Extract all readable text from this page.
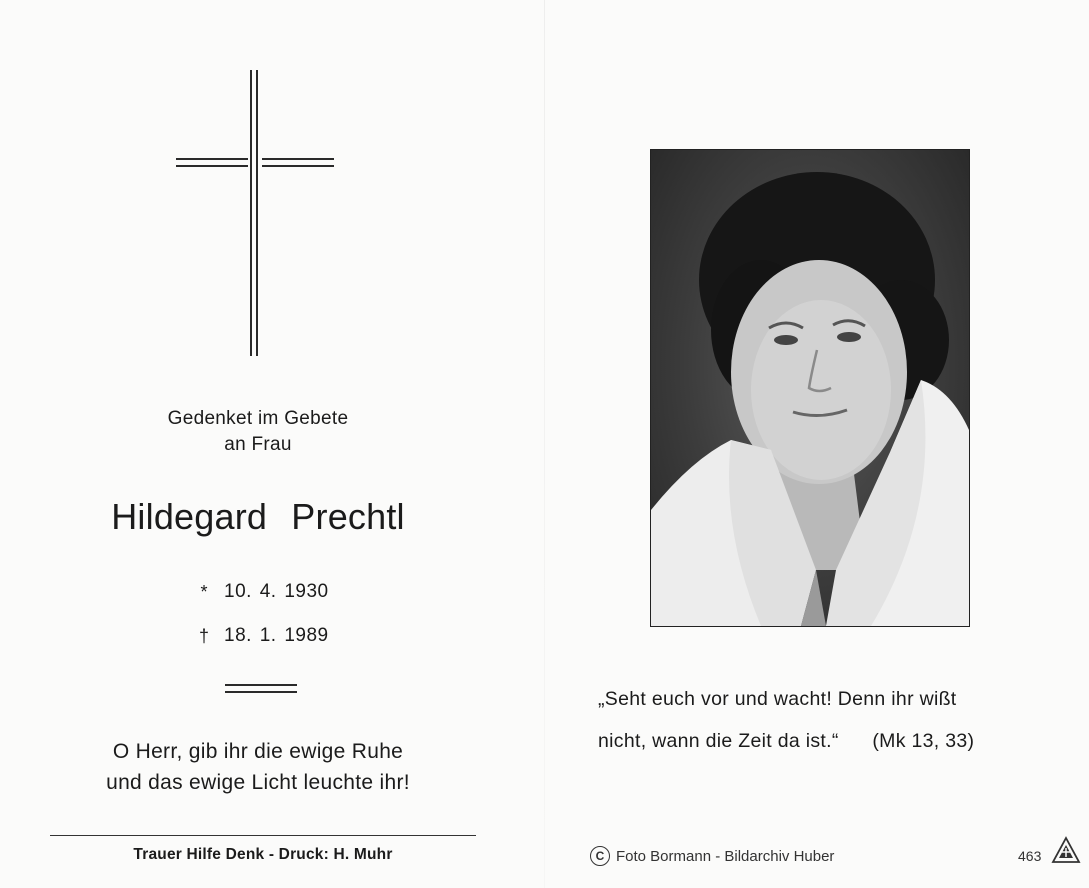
Gedenket im Gebete
an Frau
Hildegard Prechtl
* 10. 4. 1930
† 18. 1. 1989
O Herr, gib ihr die ewige Ruhe
und das ewige Licht leuchte ihr!
Trauer Hilfe Denk - Druck: H. Muhr
„Seht euch vor und wacht! Denn ihr wißt
nicht, wann die Zeit da ist.“ (Mk 13, 33)
C Foto Bormann - Bildarchiv Huber	463
